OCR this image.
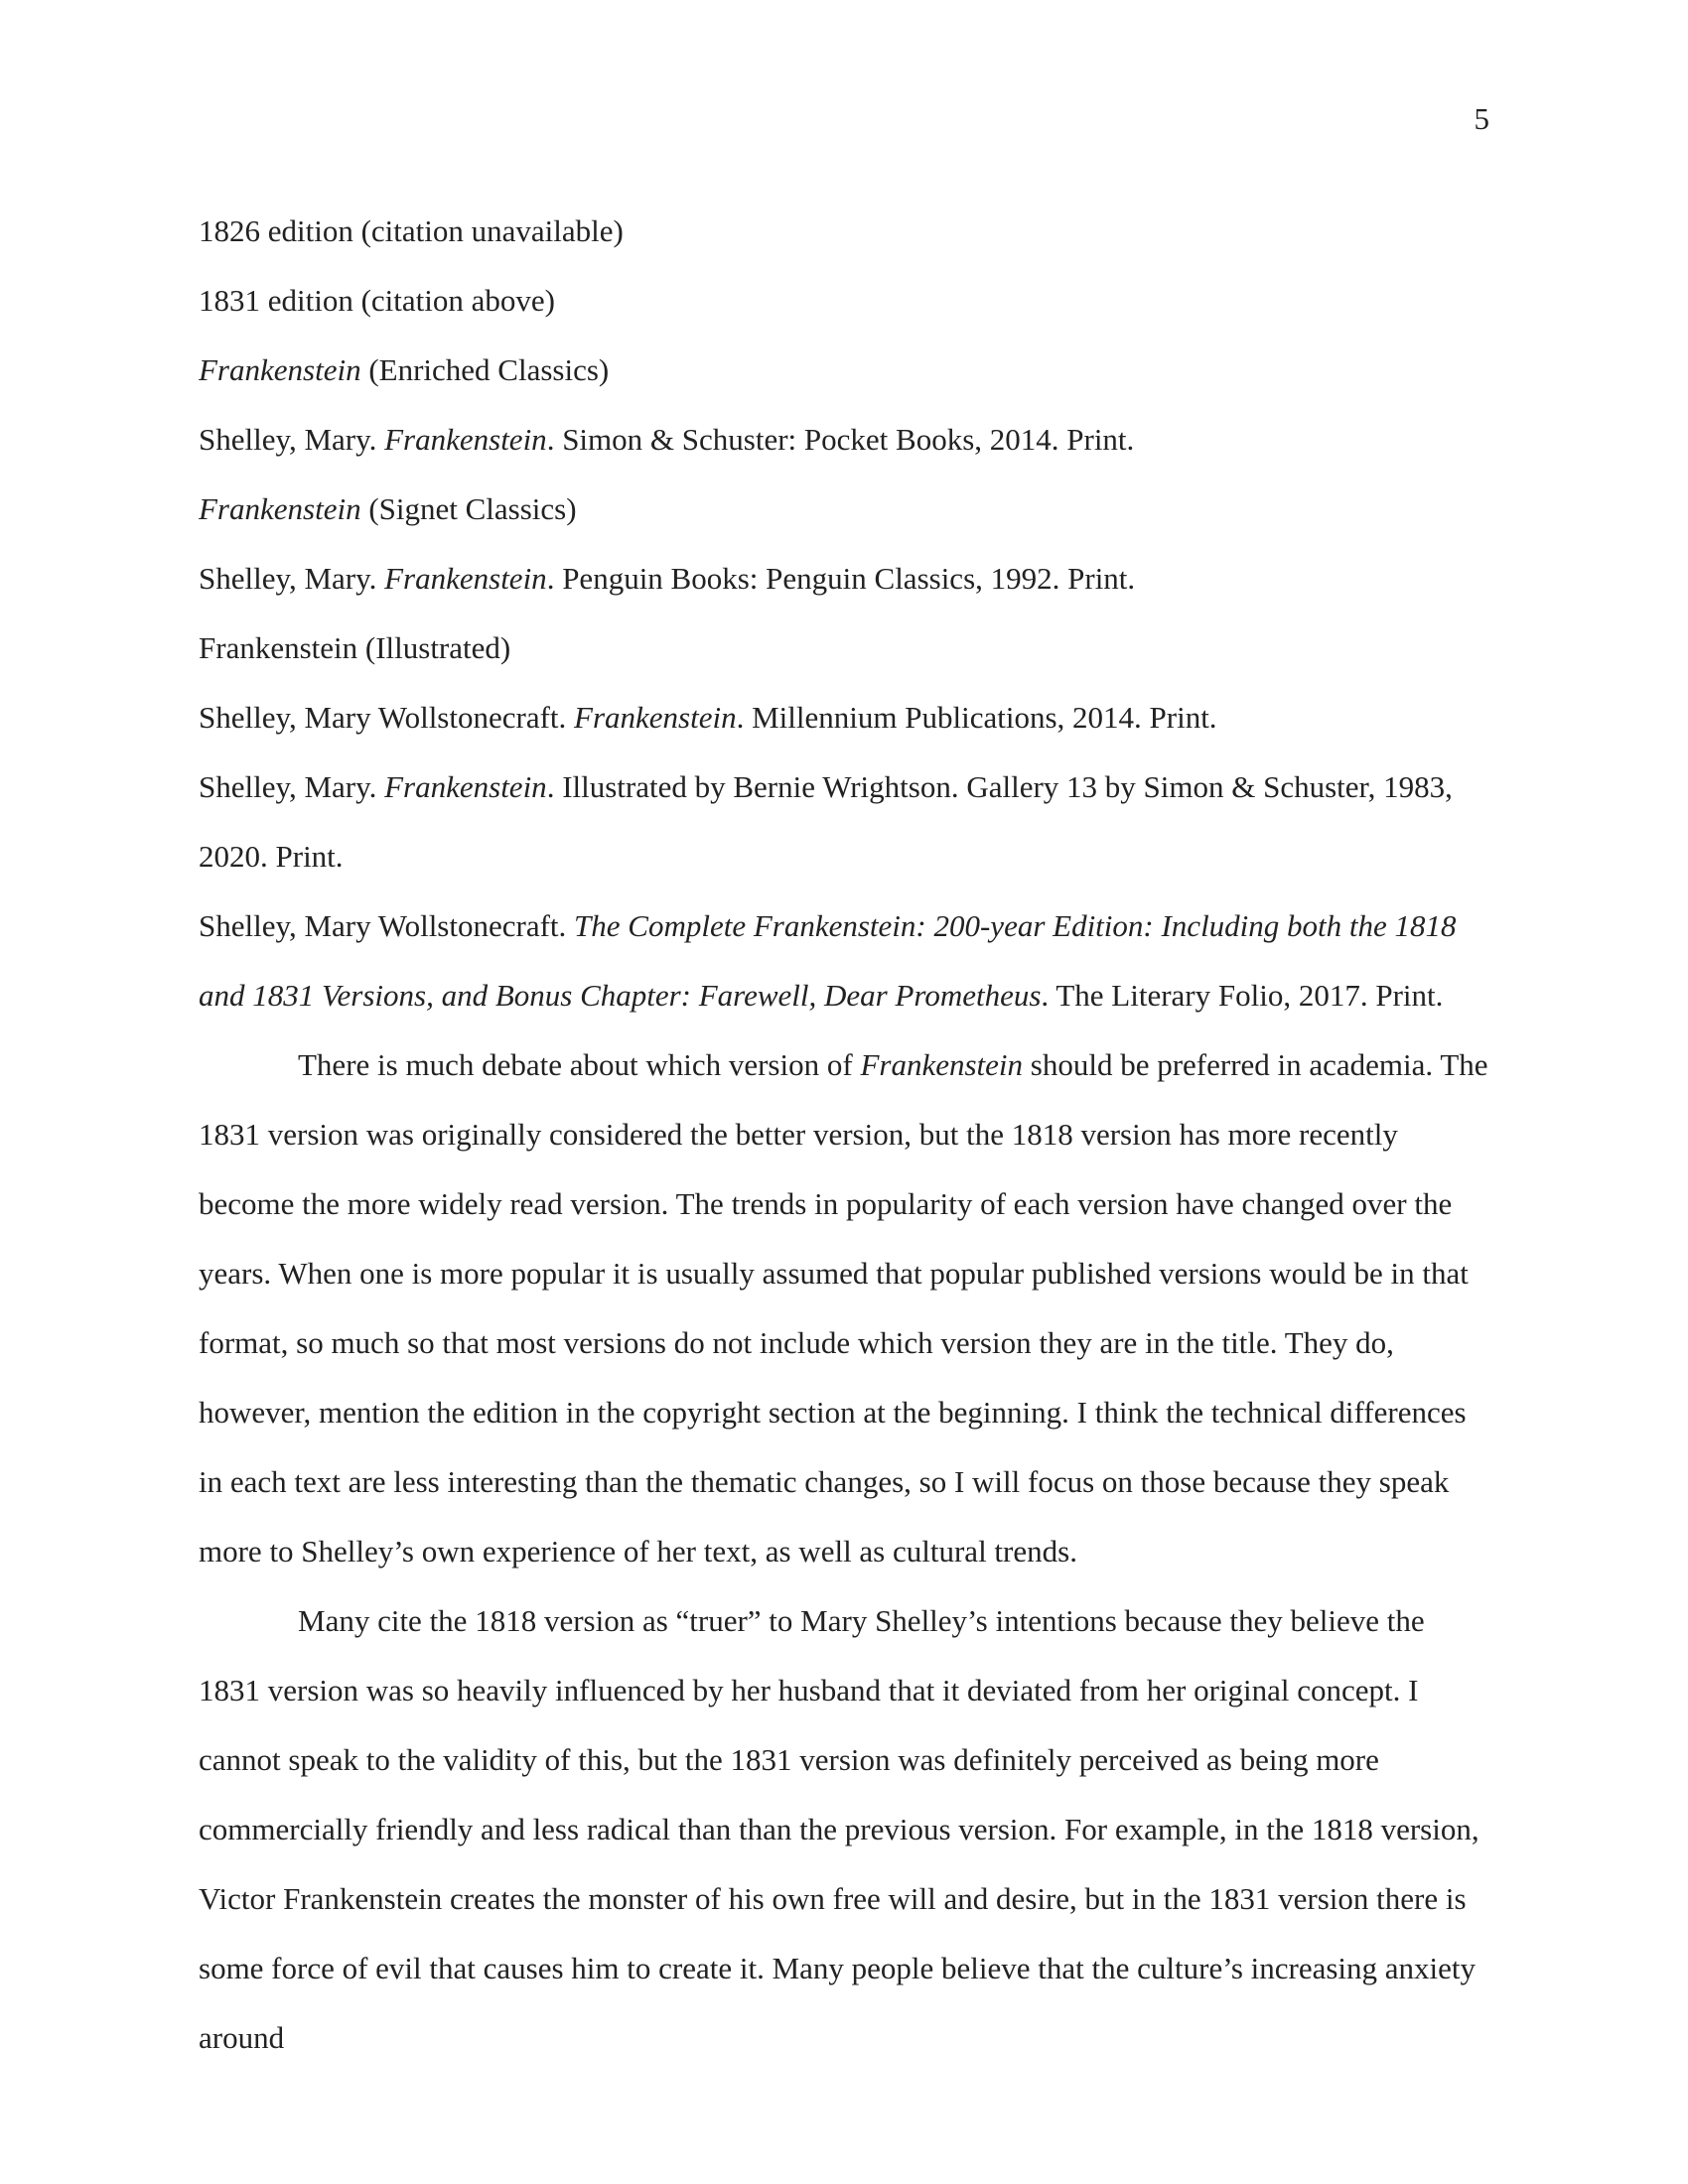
5

1826 edition (citation unavailable)

1831 edition (citation above)

Frankenstein (Enriched Classics)

Shelley, Mary. Frankenstein. Simon & Schuster: Pocket Books, 2014. Print.

Frankenstein (Signet Classics)

Shelley, Mary. Frankenstein. Penguin Books: Penguin Classics, 1992. Print.

Frankenstein (Illustrated)

Shelley, Mary Wollstonecraft. Frankenstein. Millennium Publications, 2014. Print.

Shelley, Mary. Frankenstein. Illustrated by Bernie Wrightson. Gallery 13 by Simon & Schuster, 1983,

2020. Print.

Shelley, Mary Wollstonecraft. The Complete Frankenstein: 200-year Edition: Including both the 1818

and 1831 Versions, and Bonus Chapter: Farewell, Dear Prometheus. The Literary Folio, 2017. Print.

There is much debate about which version of Frankenstein should be preferred in academia. The 1831 version was originally considered the better version, but the 1818 version has more recently become the more widely read version. The trends in popularity of each version have changed over the years. When one is more popular it is usually assumed that popular published versions would be in that format, so much so that most versions do not include which version they are in the title. They do, however, mention the edition in the copyright section at the beginning. I think the technical differences in each text are less interesting than the thematic changes, so I will focus on those because they speak more to Shelley’s own experience of her text, as well as cultural trends.

Many cite the 1818 version as “truer” to Mary Shelley’s intentions because they believe the 1831 version was so heavily influenced by her husband that it deviated from her original concept. I cannot speak to the validity of this, but the 1831 version was definitely perceived as being more commercially friendly and less radical than than the previous version. For example, in the 1818 version, Victor Frankenstein creates the monster of his own free will and desire, but in the 1831 version there is some force of evil that causes him to create it. Many people believe that the culture’s increasing anxiety around
